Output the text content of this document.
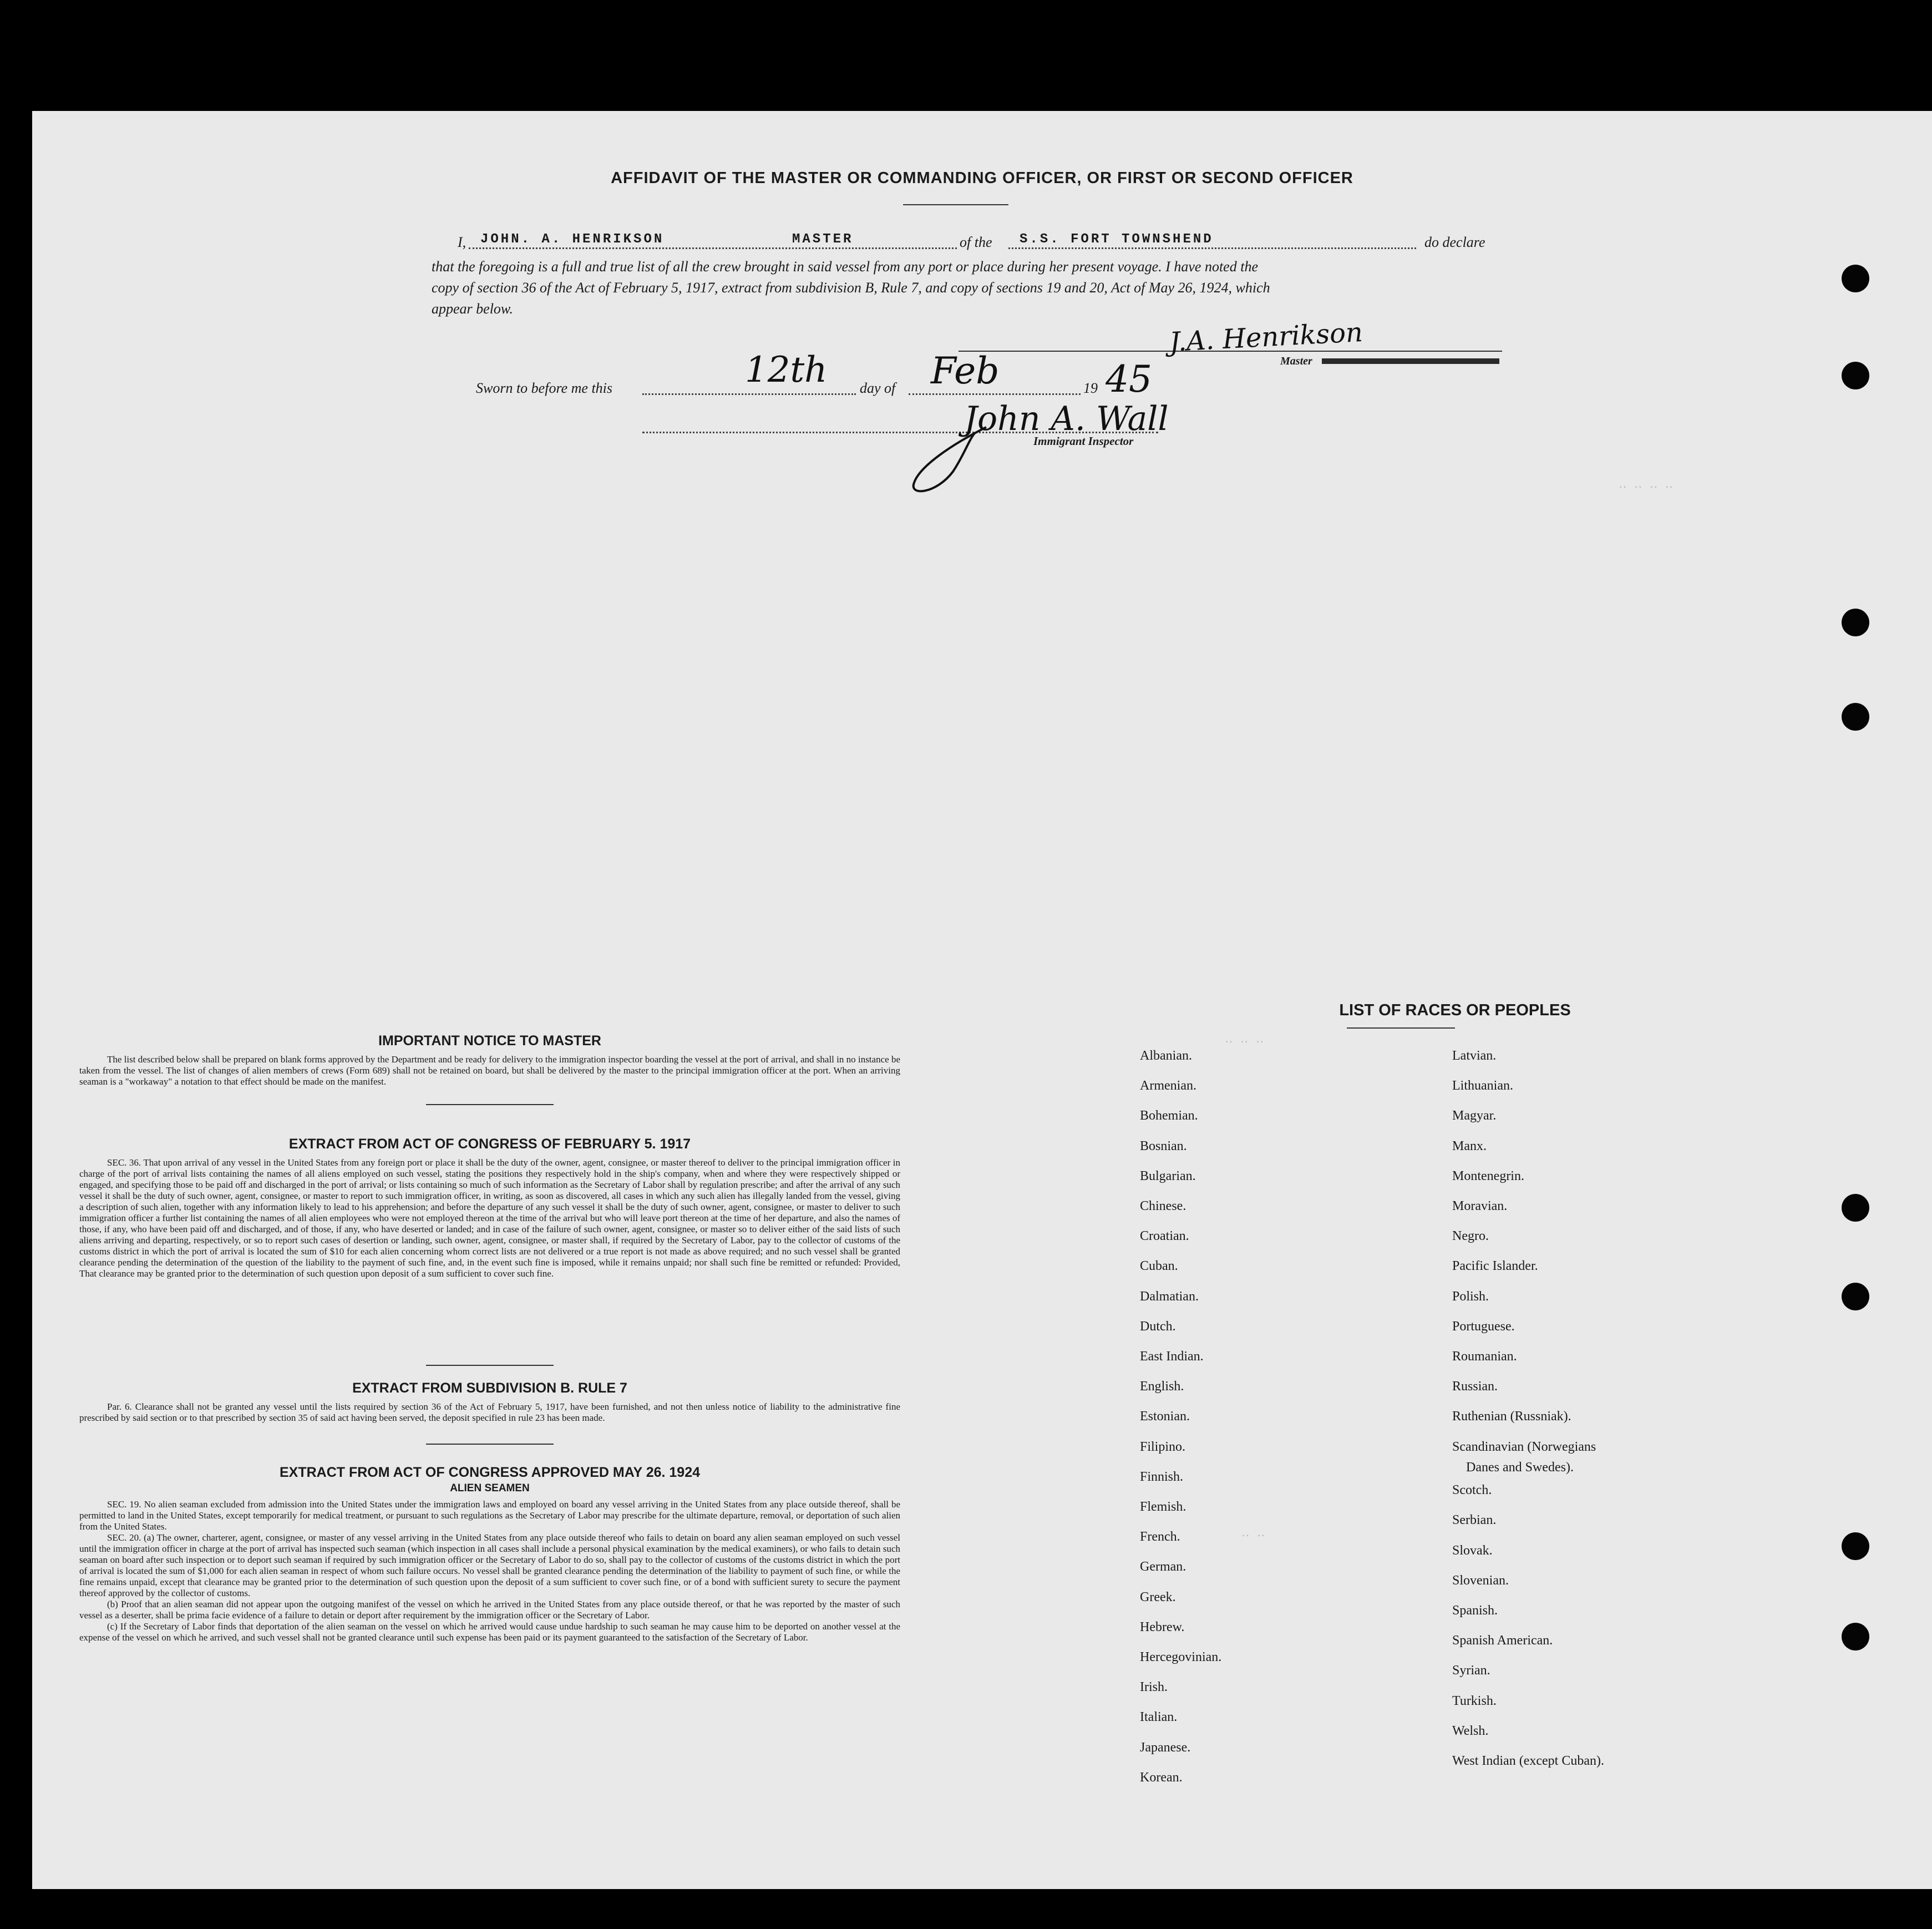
‥ ‥ ‥ ‥
‥ ‥ ‥
‥ ‥
AFFIDAVIT OF THE MASTER OR COMMANDING OFFICER, OR FIRST OR SECOND OFFICER
I, JOHN. A. HENRIKSON	MASTER	of the S.S. FORT TOWNSHEND	do declare
that the foregoing is a full and true list of all the crew brought in said vessel from any port or place during her present voyage. I have noted the
copy of section 36 of the Act of February 5, 1917, extract from subdivision B, Rule 7, and copy of sections 19 and 20, Act of May 26, 1924, which
appear below.
J.A. Henrikson
Master
Sworn to before me this	12th day of Feb	19 45
John A. Wall
Immigrant Inspector
IMPORTANT NOTICE TO MASTER

The list described below shall be prepared on blank forms approved by the Department and be ready for delivery to the immigration inspector boarding the vessel at the port of arrival, and shall in no instance be taken from the vessel. The list of changes of alien members of crews (Form 689) shall not be retained on board, but shall be delivered by the master to the principal immigration officer at the port. When an arriving seaman is a "workaway" a notation to that effect should be made on the manifest.

EXTRACT FROM ACT OF CONGRESS OF FEBRUARY 5. 1917

SEC. 36. That upon arrival of any vessel in the United States from any foreign port or place it shall be the duty of the owner, agent, consignee, or master thereof to deliver to the principal immigration officer in charge of the port of arrival lists containing the names of all aliens employed on such vessel, stating the positions they respectively hold in the ship's company, when and where they were respectively shipped or engaged, and specifying those to be paid off and discharged in the port of arrival; or lists containing so much of such information as the Secretary of Labor shall by regulation prescribe; and after the arrival of any such vessel it shall be the duty of such owner, agent, consignee, or master to report to such immigration officer, in writing, as soon as discovered, all cases in which any such alien has illegally landed from the vessel, giving a description of such alien, together with any information likely to lead to his apprehension; and before the departure of any such vessel it shall be the duty of such owner, agent, consignee, or master to deliver to such immigration officer a further list containing the names of all alien employees who were not employed thereon at the time of the arrival but who will leave port thereon at the time of her departure, and also the names of those, if any, who have been paid off and discharged, and of those, if any, who have deserted or landed; and in case of the failure of such owner, agent, consignee, or master so to deliver either of the said lists of such aliens arriving and departing, respectively, or so to report such cases of desertion or landing, such owner, agent, consignee, or master shall, if required by the Secretary of Labor, pay to the collector of customs of the customs district in which the port of arrival is located the sum of $10 for each alien concerning whom correct lists are not delivered or a true report is not made as above required; and no such vessel shall be granted clearance pending the determination of the question of the liability to the payment of such fine, and, in the event such fine is imposed, while it remains unpaid; nor shall such fine be remitted or refunded: Provided, That clearance may be granted prior to the determination of such question upon deposit of a sum sufficient to cover such fine.

EXTRACT FROM SUBDIVISION B. RULE 7

Par. 6. Clearance shall not be granted any vessel until the lists required by section 36 of the Act of February 5, 1917, have been furnished, and not then unless notice of liability to the administrative fine prescribed by said section or to that prescribed by section 35 of said act having been served, the deposit specified in rule 23 has been made.

EXTRACT FROM ACT OF CONGRESS APPROVED MAY 26. 1924
ALIEN SEAMEN

SEC. 19. No alien seaman excluded from admission into the United States under the immigration laws and employed on board any vessel arriving in the United States from any place outside thereof, shall be permitted to land in the United States, except temporarily for medical treatment, or pursuant to such regulations as the Secretary of Labor may prescribe for the ultimate departure, removal, or deportation of such alien from the United States.

SEC. 20. (a) The owner, charterer, agent, consignee, or master of any vessel arriving in the United States from any place outside thereof who fails to detain on board any alien seaman employed on such vessel until the immigration officer in charge at the port of arrival has inspected such seaman (which inspection in all cases shall include a personal physical examination by the medical examiners), or who fails to detain such seaman on board after such inspection or to deport such seaman if required by such immigration officer or the Secretary of Labor to do so, shall pay to the collector of customs of the customs district in which the port of arrival is located the sum of $1,000 for each alien seaman in respect of whom such failure occurs. No vessel shall be granted clearance pending the determination of the liability to payment of such fine, or while the fine remains unpaid, except that clearance may be granted prior to the determination of such question upon the deposit of a sum sufficient to cover such fine, or of a bond with sufficient surety to secure the payment thereof approved by the collector of customs.

(b) Proof that an alien seaman did not appear upon the outgoing manifest of the vessel on which he arrived in the United States from any place outside thereof, or that he was reported by the master of such vessel as a deserter, shall be prima facie evidence of a failure to detain or deport after requirement by the immigration officer or the Secretary of Labor.

(c) If the Secretary of Labor finds that deportation of the alien seaman on the vessel on which he arrived would cause undue hardship to such seaman he may cause him to be deported on another vessel at the expense of the vessel on which he arrived, and such vessel shall not be granted clearance until such expense has been paid or its payment guaranteed to the satisfaction of the Secretary of Labor.

LIST OF RACES OR PEOPLES
Albanian.
Armenian.
Bohemian.
Bosnian.
Bulgarian.
Chinese.
Croatian.
Cuban.
Dalmatian.
Dutch.
East Indian.
English.
Estonian.
Filipino.
Finnish.
Flemish.
French.
German.
Greek.
Hebrew.
Hercegovinian.
Irish.
Italian.
Japanese.
Korean.
Latvian.
Lithuanian.
Magyar.
Manx.
Montenegrin.
Moravian.
Negro.
Pacific Islander.
Polish.
Portuguese.
Roumanian.
Russian.
Ruthenian (Russniak).
Scandinavian (Norwegians
Scotch.
Serbian.
Slovak.
Slovenian.
Spanish.
Spanish American.
Syrian.
Turkish.
Welsh.
West Indian (except Cuban).
Danes and Swedes).
